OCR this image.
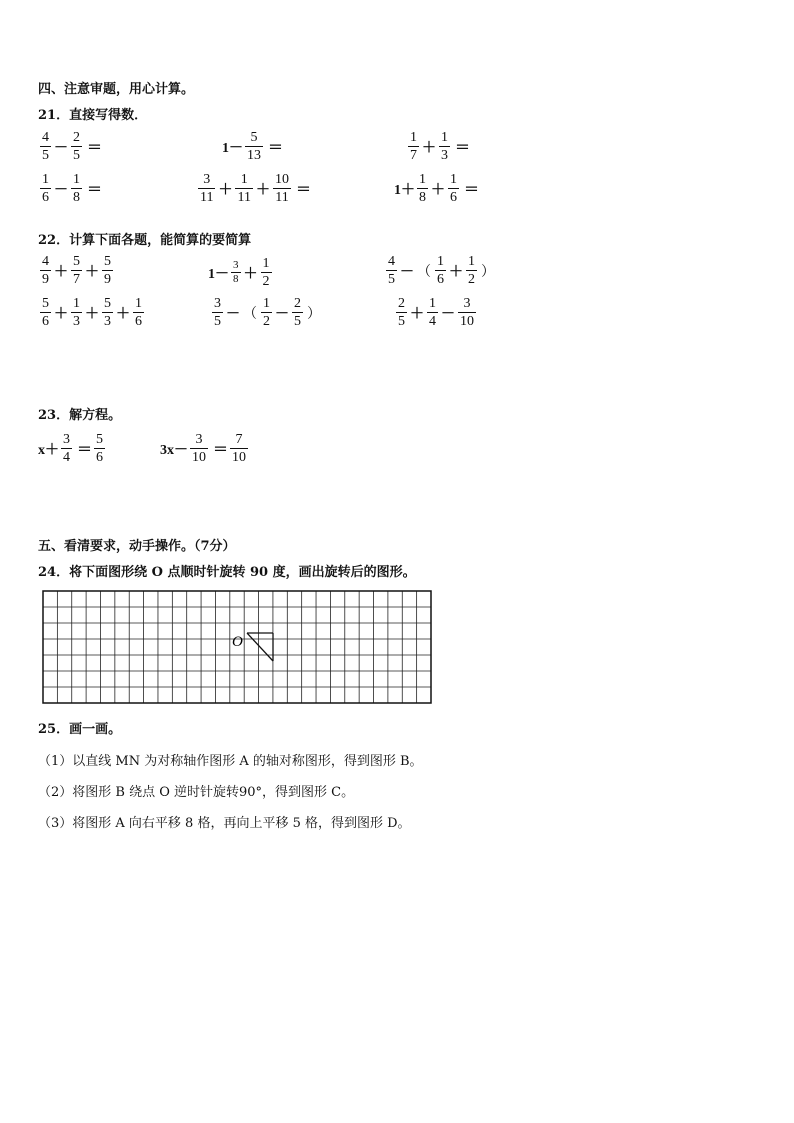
四、注意审题，用心计算。
21．直接写得数．
$\frac{4}{5} - \frac{2}{5}$ ＝	$1- \frac{5}{13}$ ＝	$\frac{1}{7} + \frac{1}{3}$ ＝
$\frac{1}{6} - \frac{1}{8}$ ＝	$\frac{3}{11} + \frac{1}{11} + \frac{10}{11}$ ＝	$1+ \frac{1}{8} + \frac{1}{6}$ ＝
22．计算下面各题，能简算的要简算
$\frac{4}{9} + \frac{5}{7} + \frac{5}{9}$	$1- \frac{3}{8} + \frac{1}{2}$	$\frac{4}{5}$ － （ $\frac{1}{6} + \frac{1}{2}$ ）
$\frac{5}{6} + \frac{1}{3} + \frac{5}{3} + \frac{1}{6}$	$\frac{3}{5}$ － （ $\frac{1}{2} - \frac{2}{5}$ ）	$\frac{2}{5} + \frac{1}{4} - \frac{3}{10}$
23．解方程。
$x+ \frac{3}{4} = \frac{5}{6}$	$3x- \frac{3}{10} = \frac{7}{10}$
五、看清要求，动手操作。（7分）
24．将下面图形绕 O 点顺时针旋转 90 度，画出旋转后的图形。
O
25．画一画。
（1）以直线 MN 为对称轴作图形 A 的轴对称图形，得到图形 B。
（2）将图形 B 绕点 O 逆时针旋转90°，得到图形 C。
（3）将图形 A 向右平移 8 格，再向上平移 5 格，得到图形 D。
